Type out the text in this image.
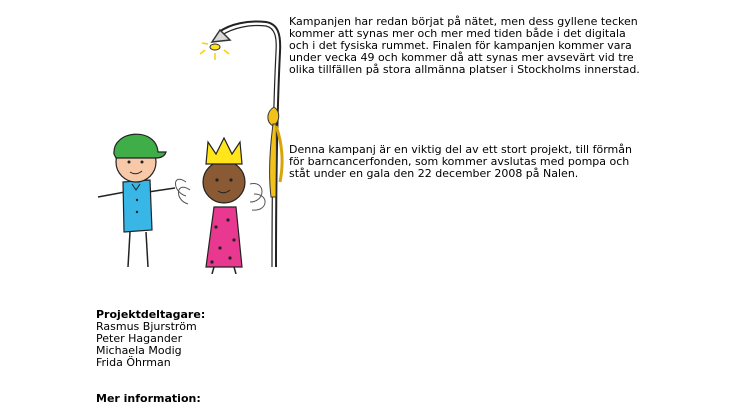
Kampanjen har redan börjat på nätet, men dess gyllene tecken kommer att synas mer och mer med tiden både i det digitala och i det fysiska rummet. Finalen för kampanjen kommer vara under vecka 49 och kommer då att synas mer avsevärt vid tre olika tillfällen på stora allmänna platser i Stockholms innerstad.

Denna kampanj är en viktig del av ett stort projekt, till förmån för barncancerfonden, som kommer avslutas med pompa och ståt under en gala den 22 december 2008 på Nalen.

Projektdeltagare:
Rasmus Bjurström
Peter Hagander
Michaela Modig
Frida Öhrman
Mer information:
